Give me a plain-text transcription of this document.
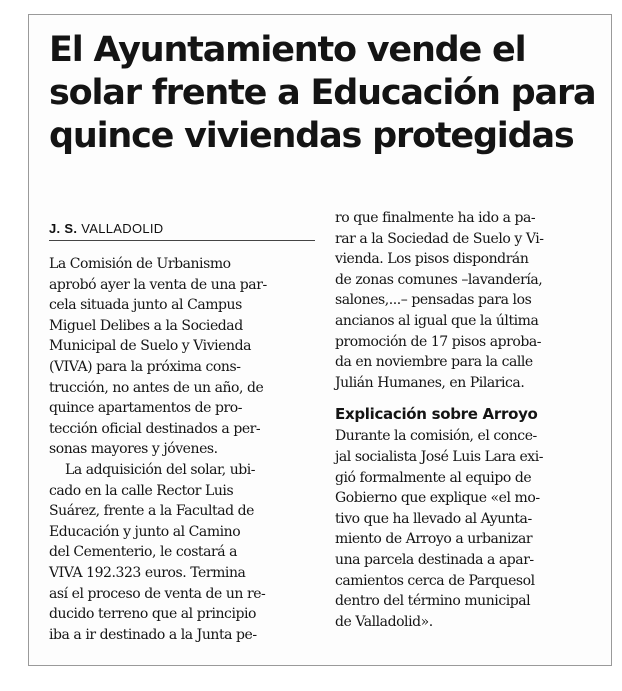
El Ayuntamiento vende el
solar frente a Educación para
quince viviendas protegidas
J. S. VALLADOLID
La Comisión de Urbanismo
aprobó ayer la venta de una par-
cela situada junto al Campus
Miguel Delibes a la Sociedad
Municipal de Suelo y Vivienda
(VIVA) para la próxima cons-
trucción, no antes de un año, de
quince apartamentos de pro-
tección oficial destinados a per-
sonas mayores y jóvenes.
La adquisición del solar, ubi-
cado en la calle Rector Luis
Suárez, frente a la Facultad de
Educación y junto al Camino
del Cementerio, le costará a
VIVA 192.323 euros. Termina
así el proceso de venta de un re-
ducido terreno que al principio
iba a ir destinado a la Junta pe-
ro que finalmente ha ido a pa-
rar a la Sociedad de Suelo y Vi-
vienda. Los pisos dispondrán
de zonas comunes –lavandería,
salones,...– pensadas para los
ancianos al igual que la última
promoción de 17 pisos aproba-
da en noviembre para la calle
Julián Humanes, en Pilarica.
Explicación sobre Arroyo
Durante la comisión, el conce-
jal socialista José Luis Lara exi-
gió formalmente al equipo de
Gobierno que explique «el mo-
tivo que ha llevado al Ayunta-
miento de Arroyo a urbanizar
una parcela destinada a apar-
camientos cerca de Parquesol
dentro del término municipal
de Valladolid».
